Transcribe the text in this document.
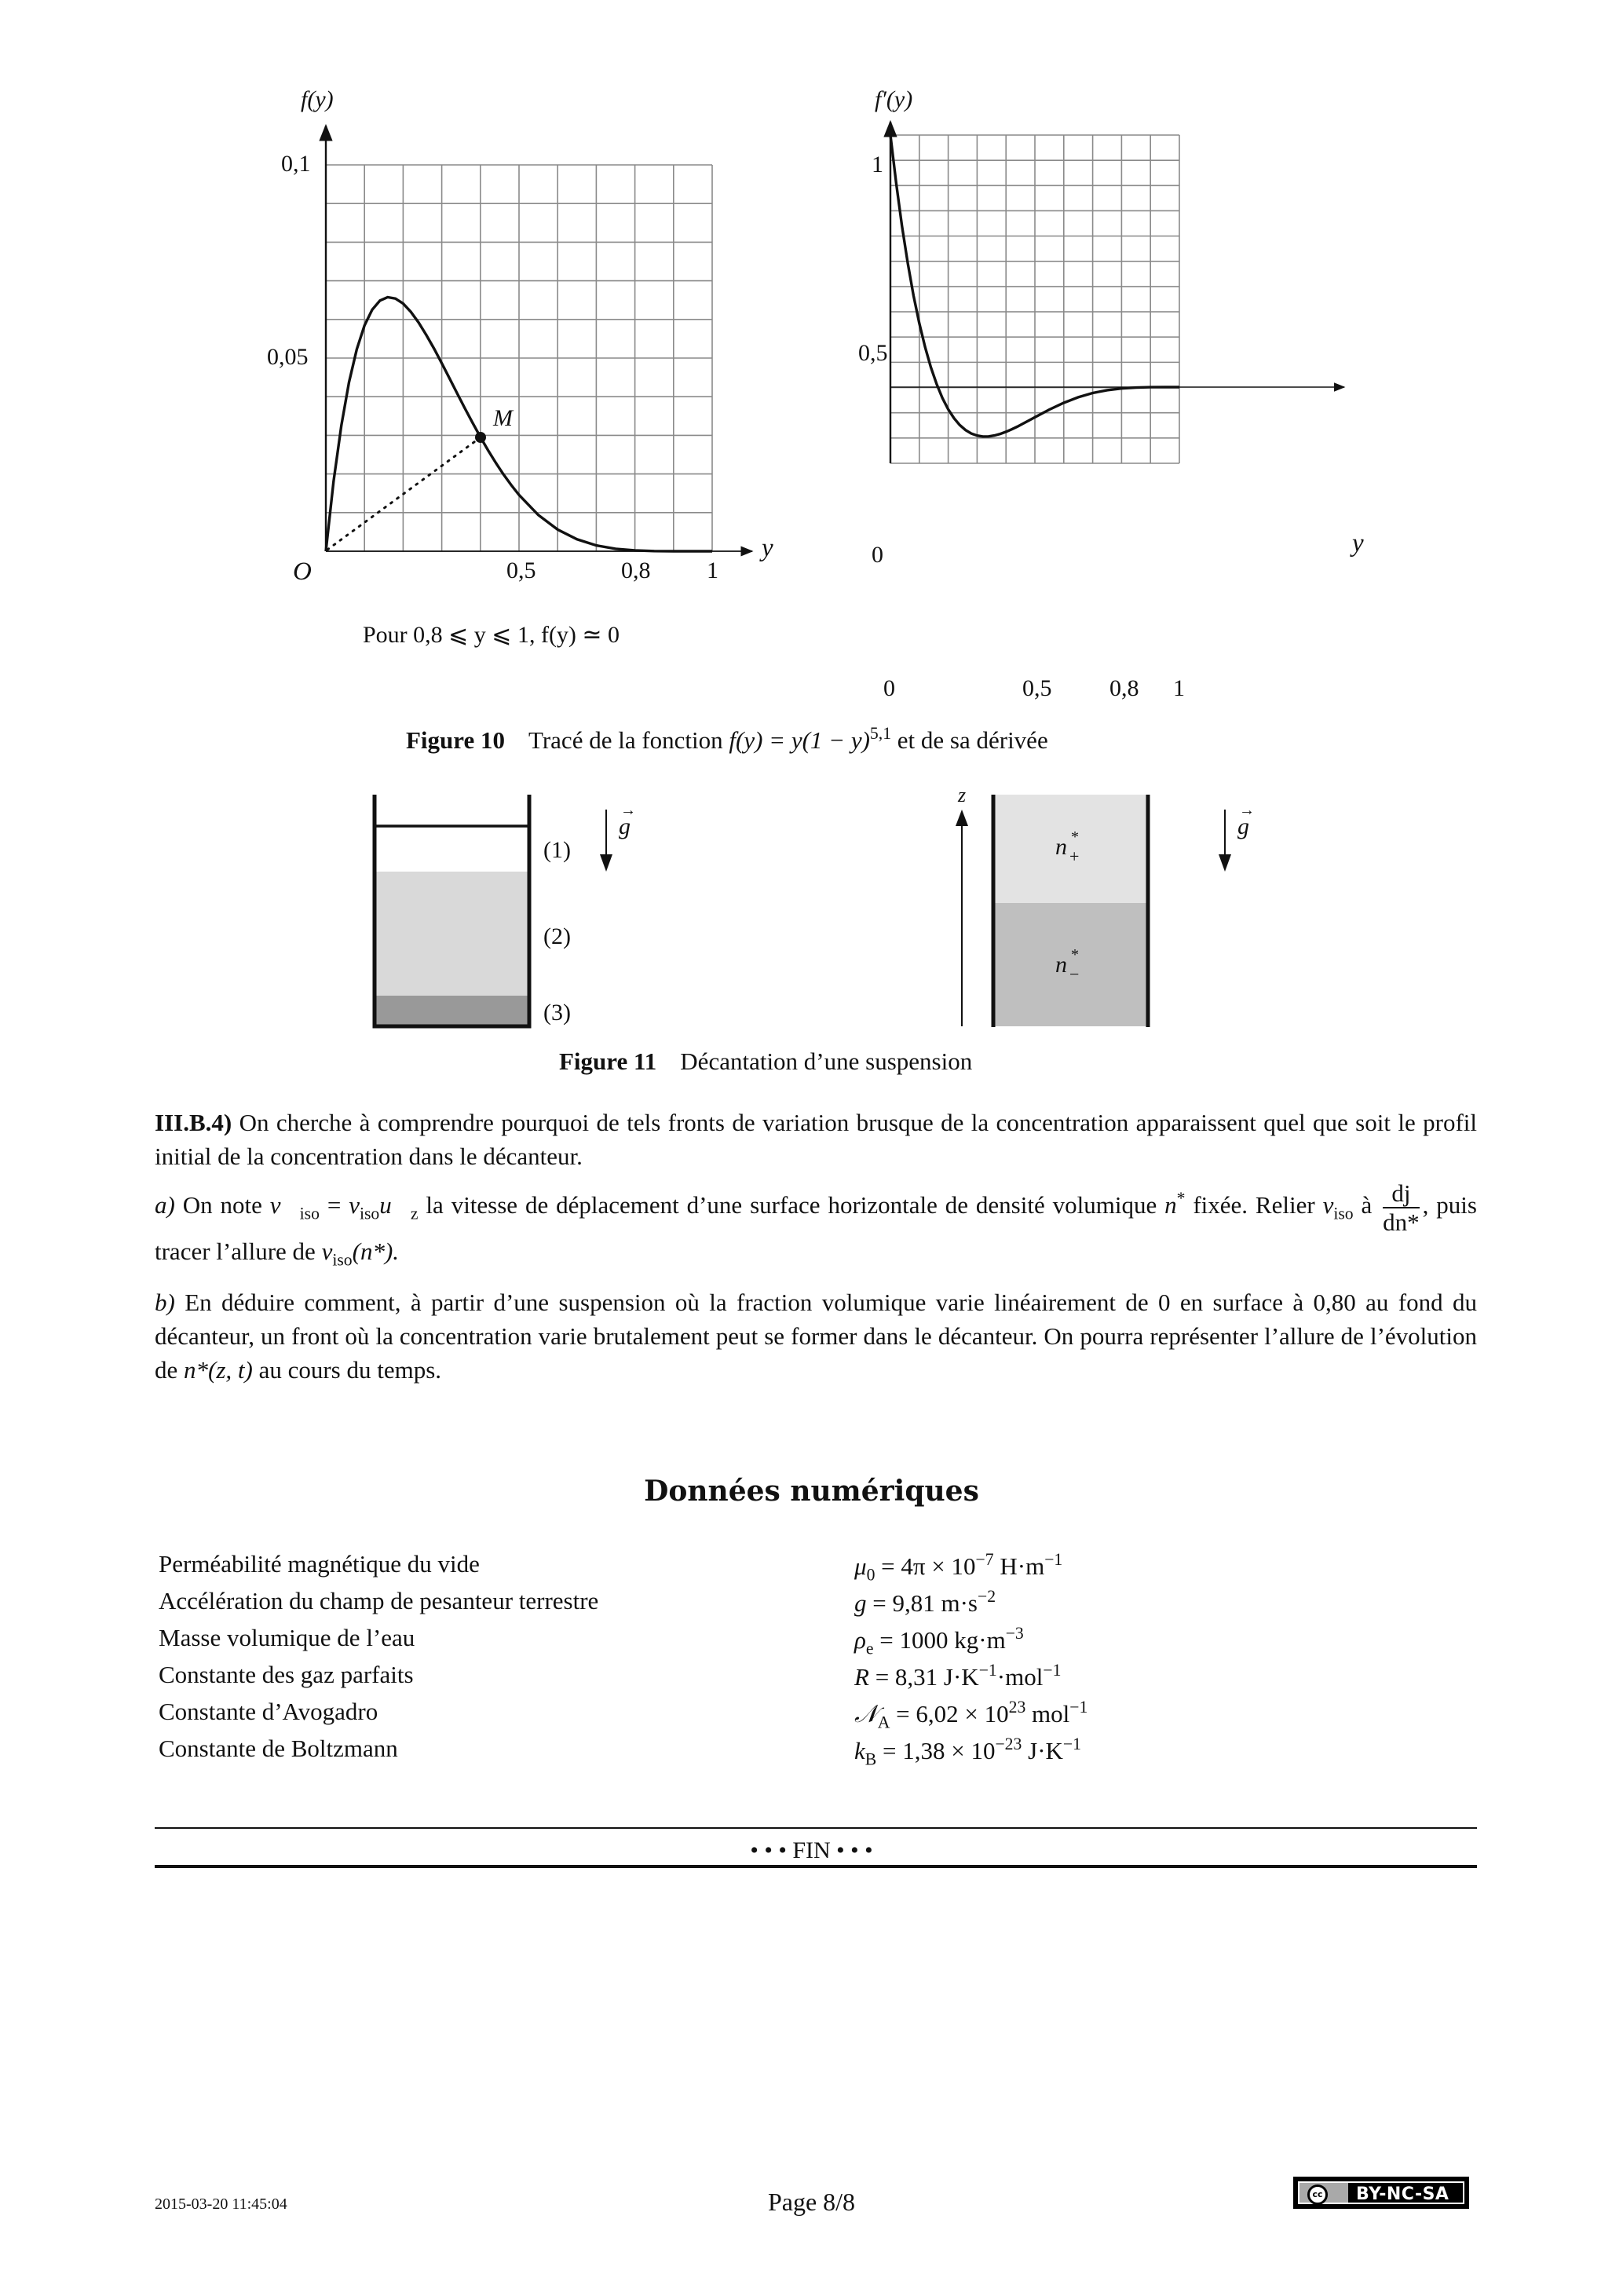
f(y)
0,1
0,05
O	0,5	0,8 1
y
M
Pour 0,8 ⩽ y ⩽ 1, f(y) ≃ 0
f′(y)
1
0,5
0
0	0,5 0,8 1
y
Figure 10 Tracé de la fonction $f(y) = y(1 - y)^{5,1}$ et de sa dérivée
(1)
(2)
(3)
→
g
z
n *
+
n *
−
→
g
Figure 11 Décantation d’une suspension

III.B.4) On cherche à comprendre pourquoi de tels fronts de variation brusque de la concentration apparaissent quel que soit le profil initial de la concentration dans le décanteur.

a) On note $v⃗_{iso}$ = $v_{iso}u⃗_z$ la vitesse de déplacement d’une surface horizontale de densité volumique n* fixée. Relier $v_{iso}$ à $\frac{dj}{dn*}$ , puis tracer l’allure de $v_{iso}(n*)$.

b) En déduire comment, à partir d’une suspension où la fraction volumique varie linéairement de 0 en surface à 0,80 au fond du décanteur, un front où la concentration varie brutalement peut se former dans le décanteur. On pourra représenter l’allure de l’évolution de n*(z, t) au cours du temps.

Données numériques
Perméabilité magnétique du vide	$\mu_0 = 4\pi \times 10^{-7}$ $H\cdot m^{-1}$
Accélération du champ de pesanteur terrestre	g = 9,81 $m\cdot s^{-2}$
Masse volumique de l’eau	$\rho_e = 1000$ $kg\cdot m^{-3}$
Constante des gaz parfaits	R = 8,31 $J\cdot K^{-1}\cdot mol^{-1}$
Constante d’Avogadro	𝒩$_A$ = $6,02 \times 10^{23}$ mol$^{-1}$
Constante de Boltzmann	$k_B = 1,38 \times 10^{-23}$ $J\cdot K^{-1}$
• • • FIN • • •
2015-03-20 11:45:04	Page 8/8	cc BY-NC-SA
